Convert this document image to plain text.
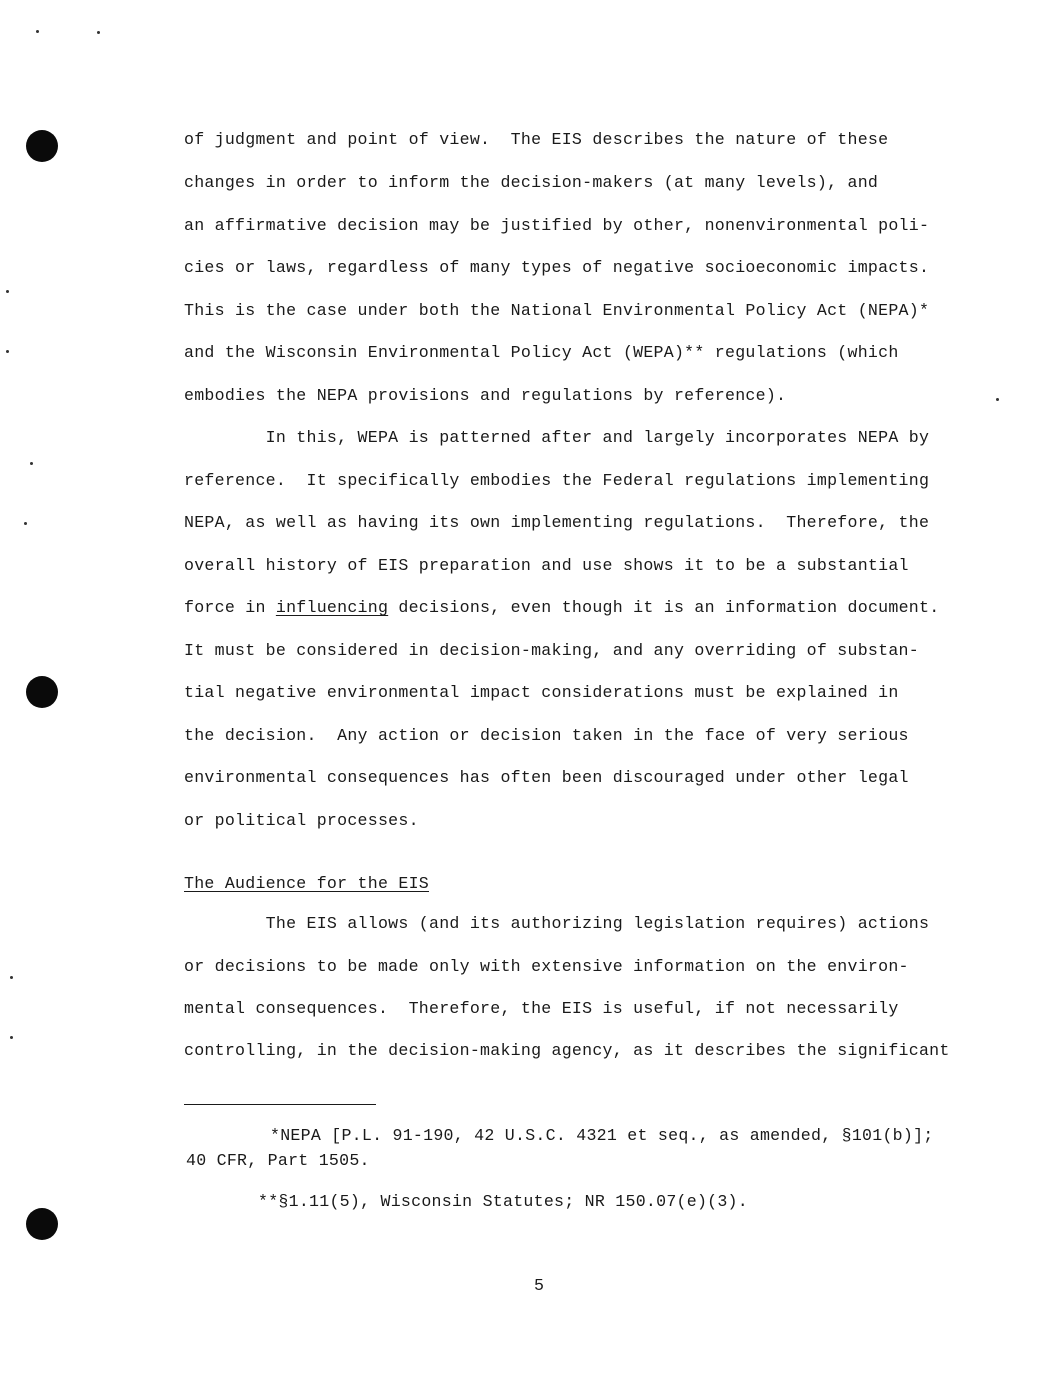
of judgment and point of view.  The EIS describes the nature of these
changes in order to inform the decision-makers (at many levels), and
an affirmative decision may be justified by other, nonenvironmental poli-
cies or laws, regardless of many types of negative socioeconomic impacts.
This is the case under both the National Environmental Policy Act (NEPA)*
and the Wisconsin Environmental Policy Act (WEPA)** regulations (which
embodies the NEPA provisions and regulations by reference).
In this, WEPA is patterned after and largely incorporates NEPA by
reference.  It specifically embodies the Federal regulations implementing
NEPA, as well as having its own implementing regulations.  Therefore, the
overall history of EIS preparation and use shows it to be a substantial
force in influencing decisions, even though it is an information document.
It must be considered in decision-making, and any overriding of substan-
tial negative environmental impact considerations must be explained in
the decision.  Any action or decision taken in the face of very serious
environmental consequences has often been discouraged under other legal
or political processes.
The Audience for the EIS
The EIS allows (and its authorizing legislation requires) actions
or decisions to be made only with extensive information on the environ-
mental consequences.  Therefore, the EIS is useful, if not necessarily
controlling, in the decision-making agency, as it describes the significant
*NEPA [P.L. 91-190, 42 U.S.C. 4321 et seq., as amended, §101(b)];
40 CFR, Part 1505.
**§1.11(5), Wisconsin Statutes; NR 150.07(e)(3).
5
